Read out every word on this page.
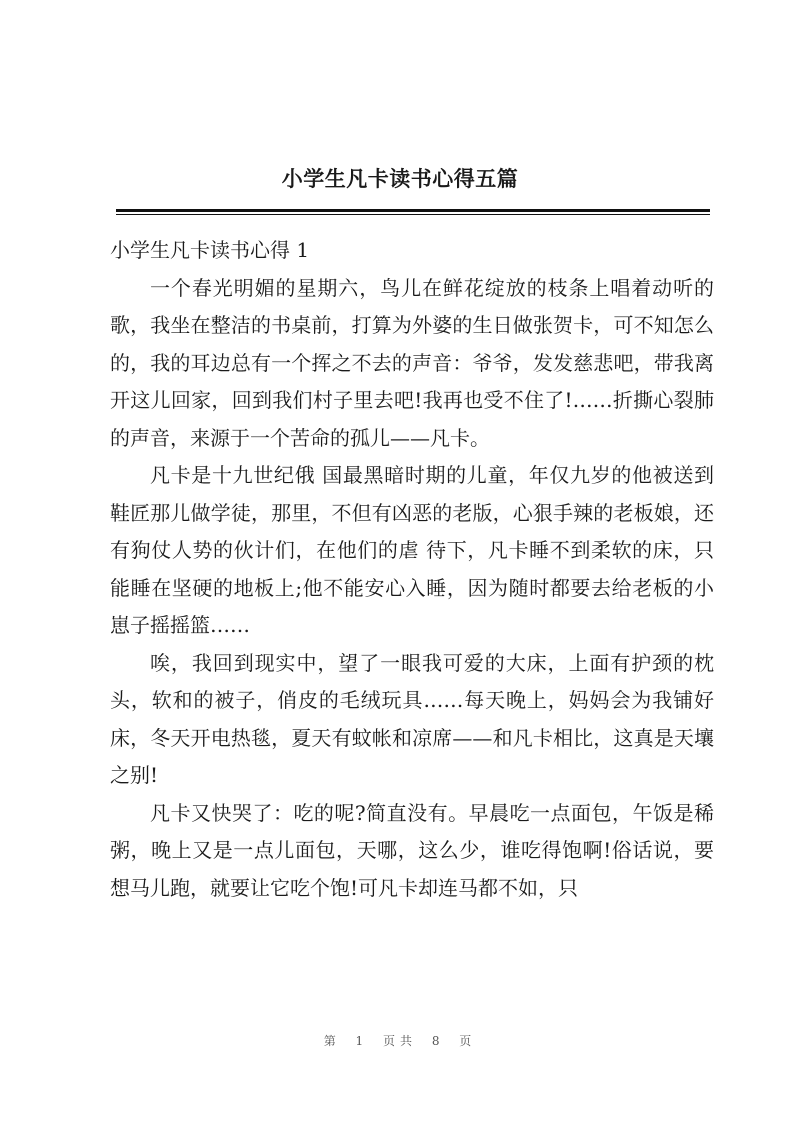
小学生凡卡读书心得五篇

小学生凡卡读书心得 1

一个春光明媚的星期六，鸟儿在鲜花绽放的枝条上唱着动听的歌，我坐在整洁的书桌前，打算为外婆的生日做张贺卡，可不知怎么的，我的耳边总有一个挥之不去的声音：爷爷，发发慈悲吧，带我离开这儿回家，回到我们村子里去吧!我再也受不住了!……折撕心裂肺的声音，来源于一个苦命的孤儿——凡卡。

凡卡是十九世纪俄 国最黑暗时期的儿童，年仅九岁的他被送到鞋匠那儿做学徒，那里，不但有凶恶的老版，心狠手辣的老板娘，还有狗仗人势的伙计们，在他们的虐 待下，凡卡睡不到柔软的床，只能睡在坚硬的地板上;他不能安心入睡，因为随时都要去给老板的小崽子摇摇篮……

唉，我回到现实中，望了一眼我可爱的大床，上面有护颈的枕头，软和的被子，俏皮的毛绒玩具……每天晚上，妈妈会为我铺好床，冬天开电热毯，夏天有蚊帐和凉席——和凡卡相比，这真是天壤之别!

凡卡又快哭了：吃的呢?简直没有。早晨吃一点面包，午饭是稀粥，晚上又是一点儿面包，天哪，这么少，谁吃得饱啊!俗话说，要想马儿跑，就要让它吃个饱!可凡卡却连马都不如，只

第 1 页共 8 页
